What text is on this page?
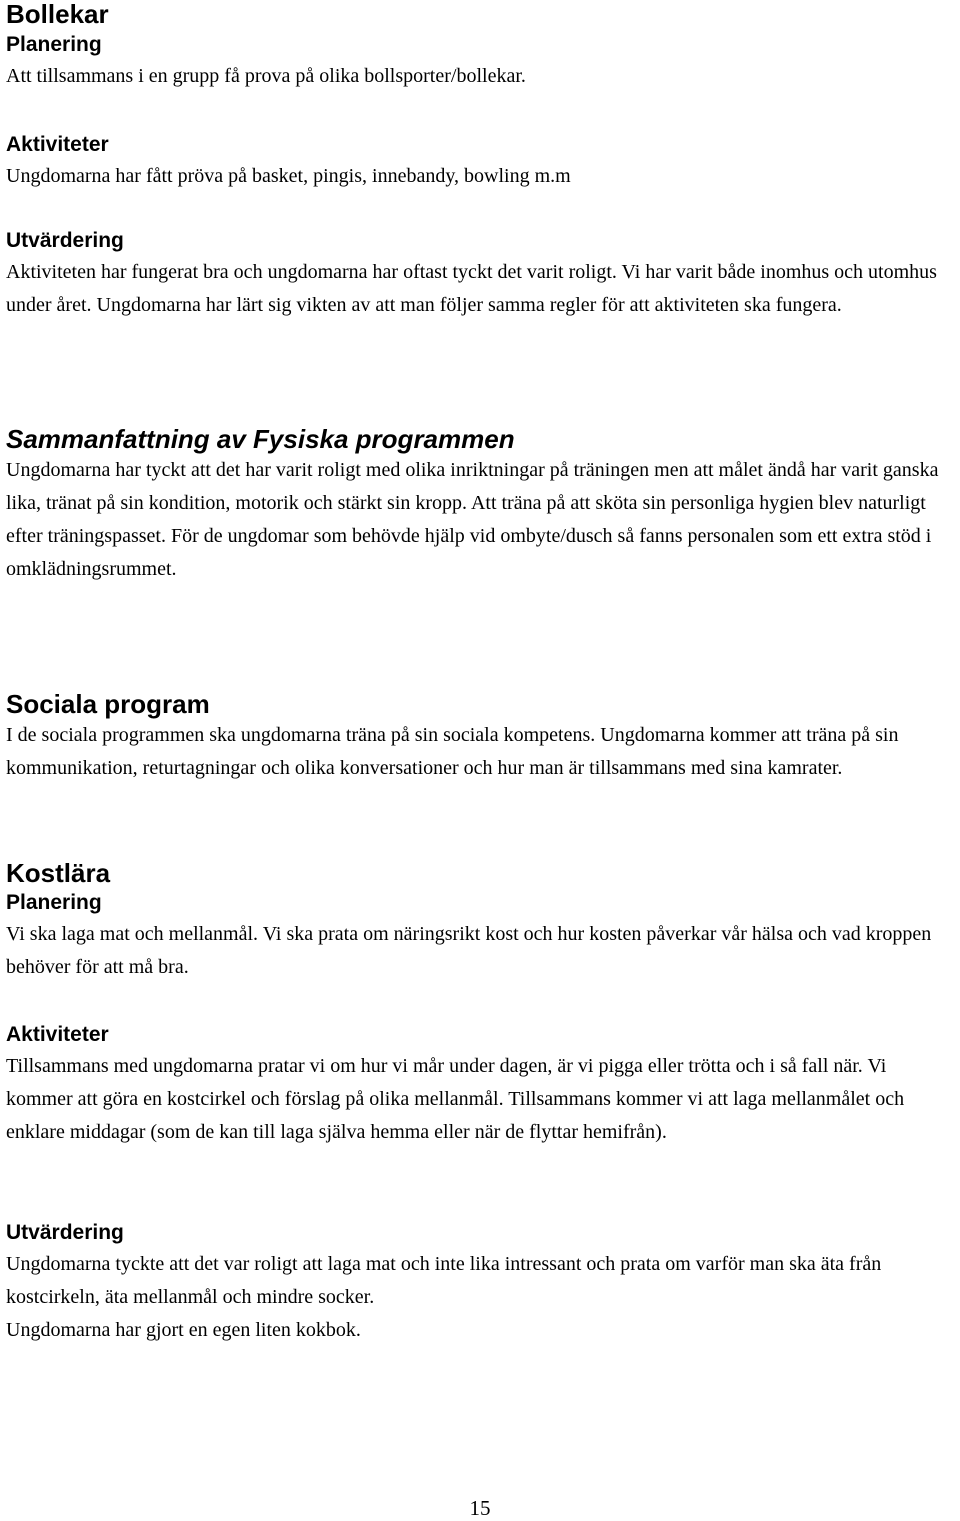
Bollekar
Planering

Att tillsammans i en grupp få prova på olika bollsporter/bollekar.

Aktiviteter

Ungdomarna har fått pröva på basket, pingis, innebandy, bowling m.m

Utvärdering

Aktiviteten har fungerat bra och ungdomarna har oftast tyckt det varit roligt. Vi har varit både inomhus och utomhus under året. Ungdomarna har lärt sig vikten av att man följer samma regler för att aktiviteten ska fungera.

Sammanfattning av Fysiska programmen

Ungdomarna har tyckt att det har varit roligt med olika inriktningar på träningen men att målet ändå har varit ganska lika, tränat på sin kondition, motorik och stärkt sin kropp. Att träna på att sköta sin personliga hygien blev naturligt efter träningspasset. För de ungdomar som behövde hjälp vid ombyte/dusch så fanns personalen som ett extra stöd i omklädningsrummet.

Sociala program

I de sociala programmen ska ungdomarna träna på sin sociala kompetens. Ungdomarna kommer att träna på sin kommunikation, returtagningar och olika konversationer och hur man är tillsammans med sina kamrater.

Kostlära
Planering

Vi ska laga mat och mellanmål. Vi ska prata om näringsrikt kost och hur kosten påverkar vår hälsa och vad kroppen behöver för att må bra.

Aktiviteter

Tillsammans med ungdomarna pratar vi om hur vi mår under dagen, är vi pigga eller trötta och i så fall när. Vi kommer att göra en kostcirkel och förslag på olika mellanmål. Tillsammans kommer vi att laga mellanmålet och enklare middagar (som de kan till laga själva hemma eller när de flyttar hemifrån).

Utvärdering

Ungdomarna tyckte att det var roligt att laga mat och inte lika intressant och prata om varför man ska äta från kostcirkeln, äta mellanmål och mindre socker.

Ungdomarna har gjort en egen liten kokbok.

15
